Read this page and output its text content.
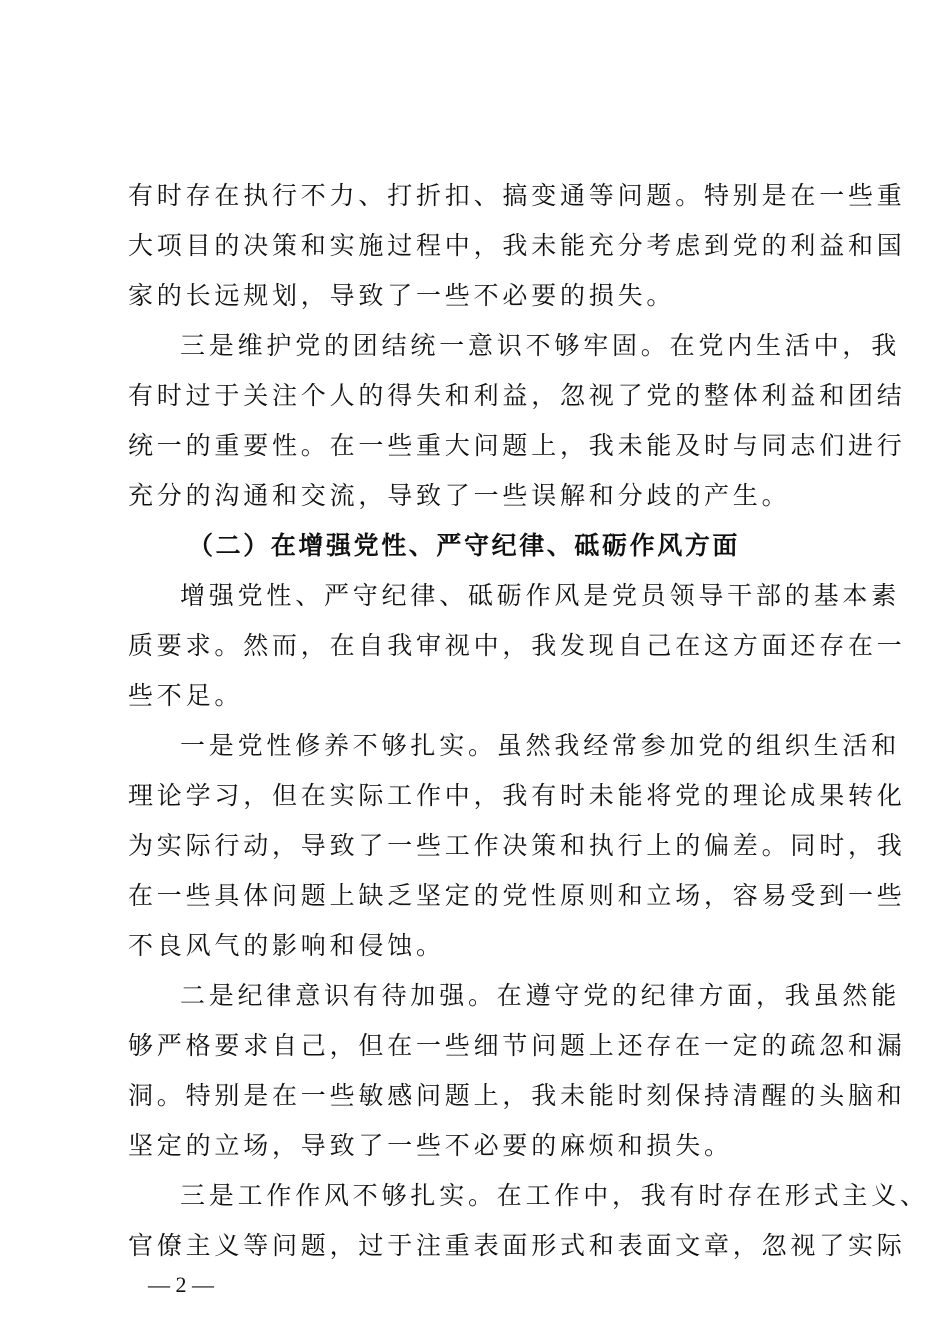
有时存在执行不力、打折扣、搞变通等问题。特别是在一些重
大项目的决策和实施过程中，我未能充分考虑到党的利益和国
家的长远规划，导致了一些不必要的损失。
三是维护党的团结统一意识不够牢固。在党内生活中，我
有时过于关注个人的得失和利益，忽视了党的整体利益和团结
统一的重要性。在一些重大问题上，我未能及时与同志们进行
充分的沟通和交流，导致了一些误解和分歧的产生。
（二）在增强党性、严守纪律、砥砺作风方面
增强党性、严守纪律、砥砺作风是党员领导干部的基本素
质要求。然而，在自我审视中，我发现自己在这方面还存在一
些不足。
一是党性修养不够扎实。虽然我经常参加党的组织生活和
理论学习，但在实际工作中，我有时未能将党的理论成果转化
为实际行动，导致了一些工作决策和执行上的偏差。同时，我
在一些具体问题上缺乏坚定的党性原则和立场，容易受到一些
不良风气的影响和侵蚀。
二是纪律意识有待加强。在遵守党的纪律方面，我虽然能
够严格要求自己，但在一些细节问题上还存在一定的疏忽和漏
洞。特别是在一些敏感问题上，我未能时刻保持清醒的头脑和
坚定的立场，导致了一些不必要的麻烦和损失。
三是工作作风不够扎实。在工作中，我有时存在形式主义、
官僚主义等问题，过于注重表面形式和表面文章，忽视了实际
— 2 —
